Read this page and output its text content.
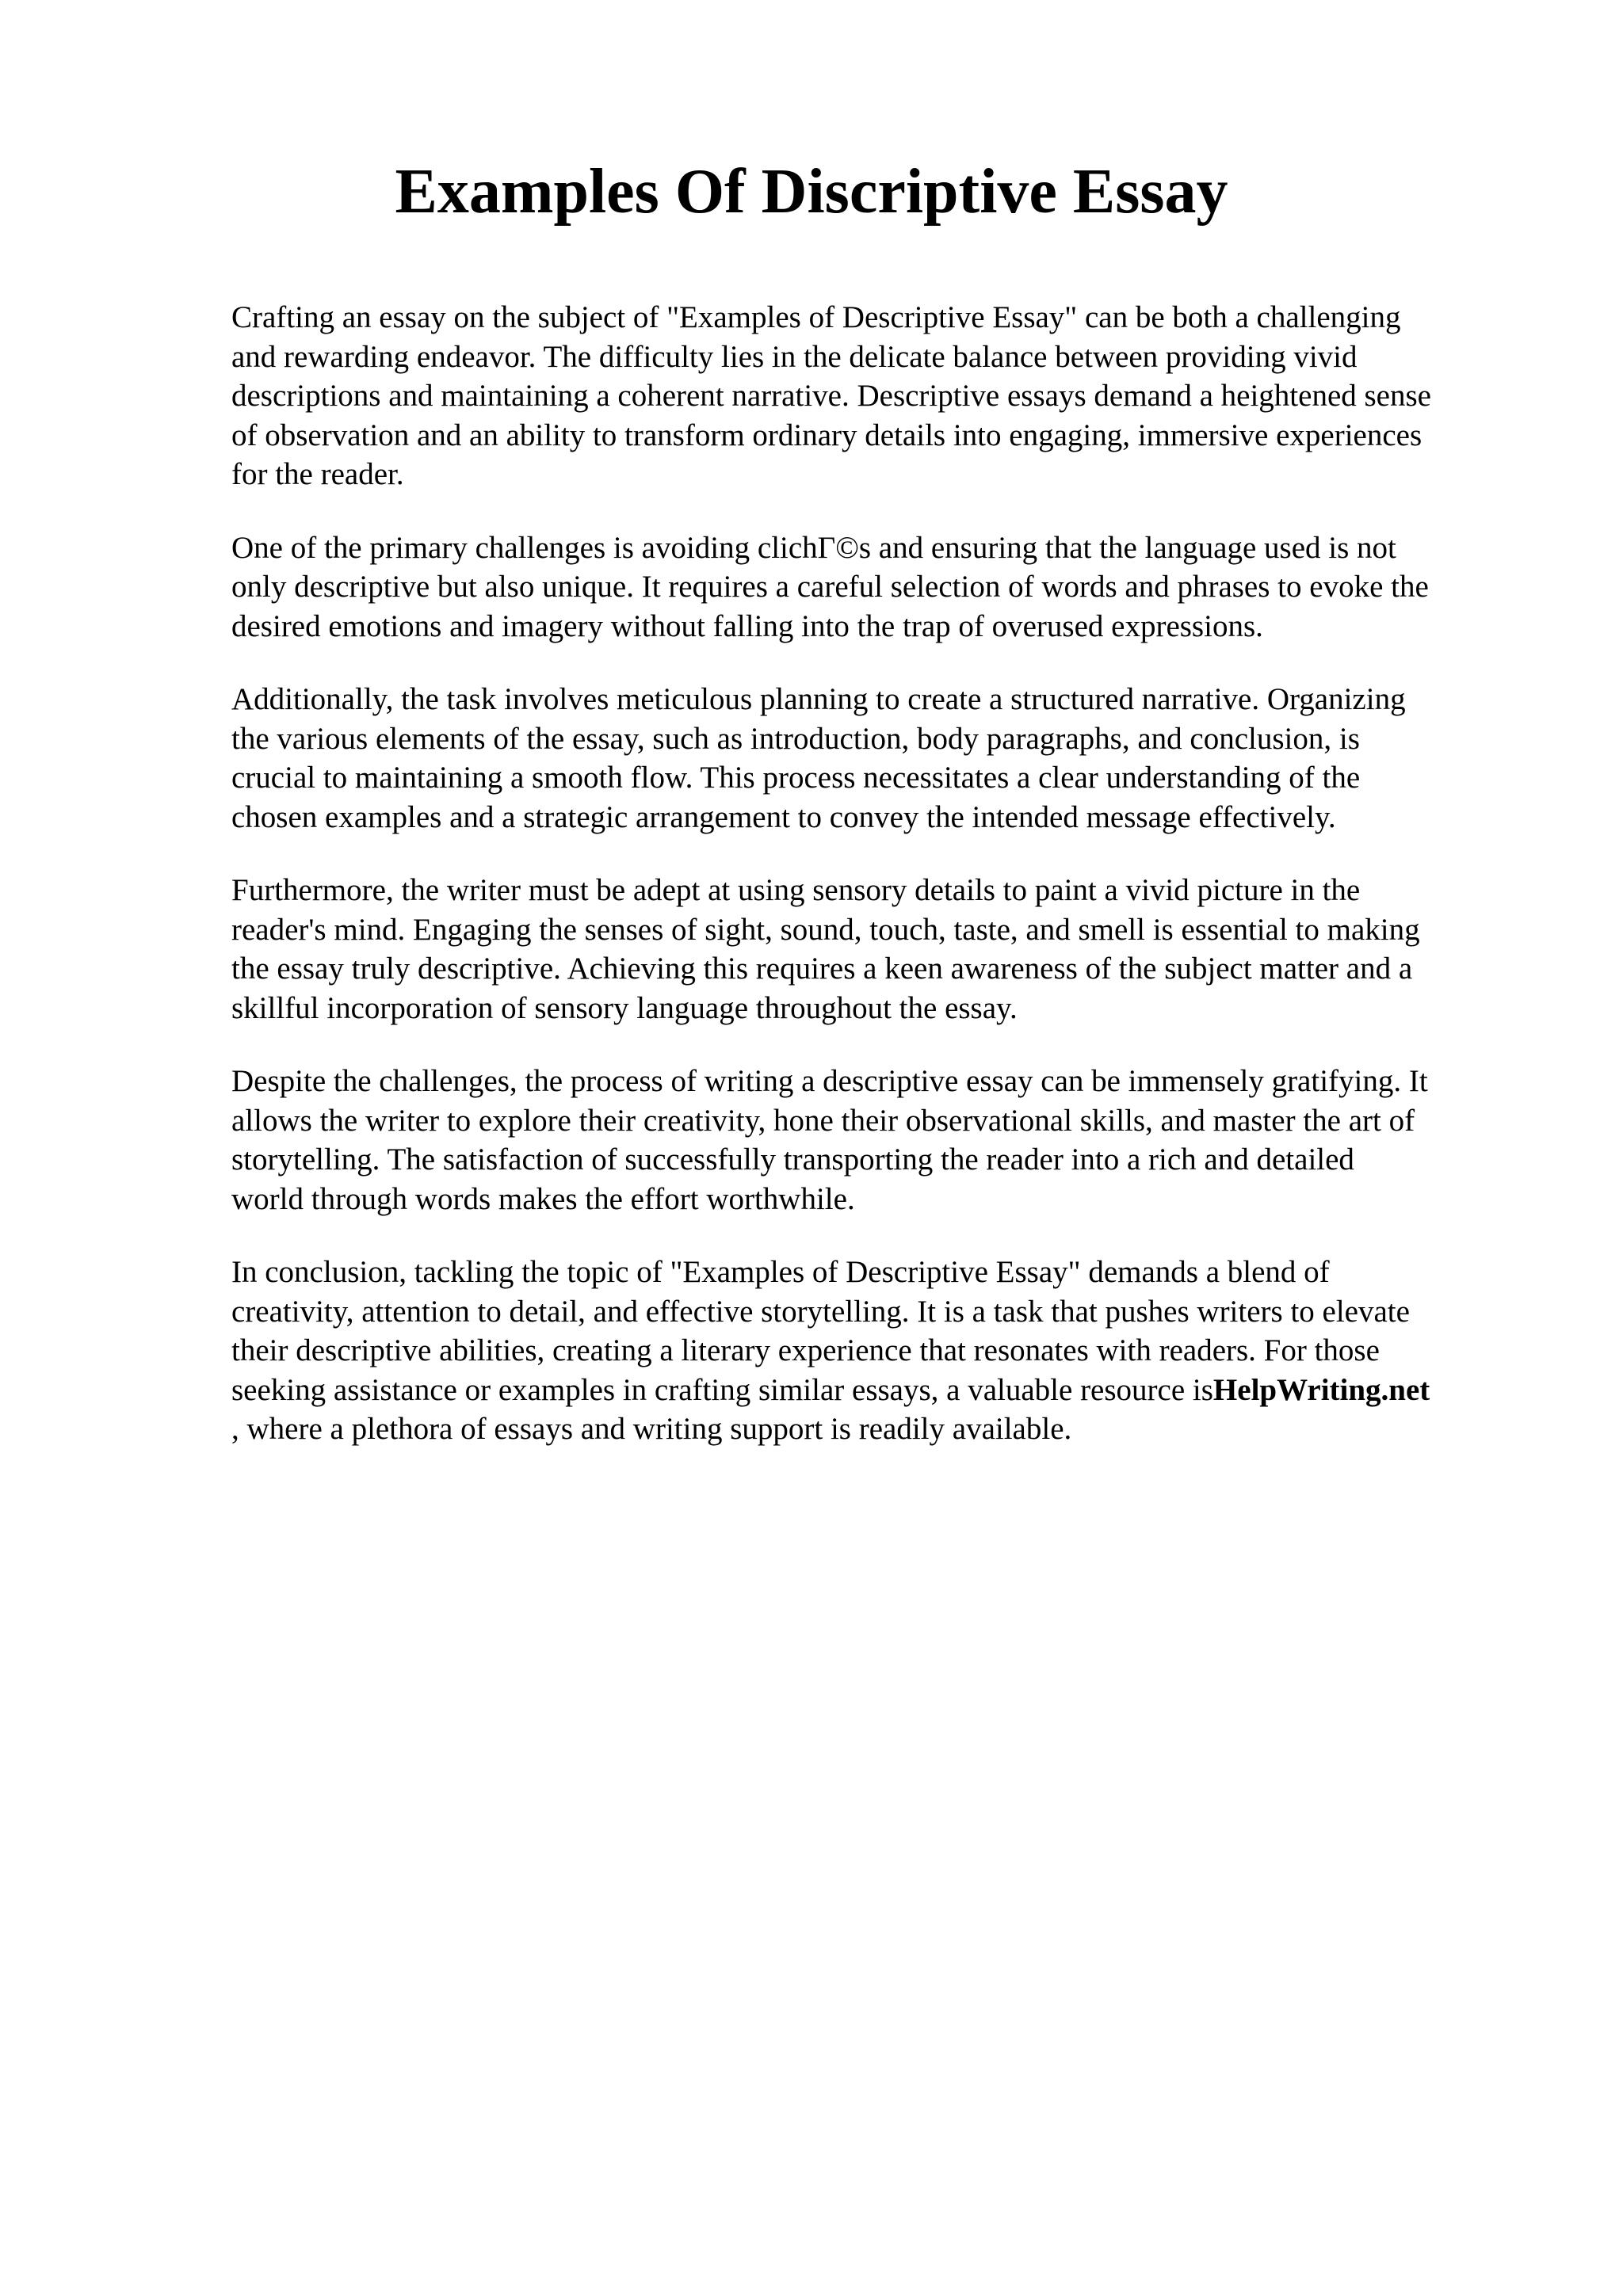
Examples Of Discriptive Essay

Crafting an essay on the subject of "Examples of Descriptive Essay" can be both a challenging
and rewarding endeavor. The difficulty lies in the delicate balance between providing vivid
descriptions and maintaining a coherent narrative. Descriptive essays demand a heightened sense
of observation and an ability to transform ordinary details into engaging, immersive experiences
for the reader.

One of the primary challenges is avoiding clichГ©s and ensuring that the language used is not
only descriptive but also unique. It requires a careful selection of words and phrases to evoke the
desired emotions and imagery without falling into the trap of overused expressions.

Additionally, the task involves meticulous planning to create a structured narrative. Organizing
the various elements of the essay, such as introduction, body paragraphs, and conclusion, is
crucial to maintaining a smooth flow. This process necessitates a clear understanding of the
chosen examples and a strategic arrangement to convey the intended message effectively.

Furthermore, the writer must be adept at using sensory details to paint a vivid picture in the
reader's mind. Engaging the senses of sight, sound, touch, taste, and smell is essential to making
the essay truly descriptive. Achieving this requires a keen awareness of the subject matter and a
skillful incorporation of sensory language throughout the essay.

Despite the challenges, the process of writing a descriptive essay can be immensely gratifying. It
allows the writer to explore their creativity, hone their observational skills, and master the art of
storytelling. The satisfaction of successfully transporting the reader into a rich and detailed
world through words makes the effort worthwhile.

In conclusion, tackling the topic of "Examples of Descriptive Essay" demands a blend of
creativity, attention to detail, and effective storytelling. It is a task that pushes writers to elevate
their descriptive abilities, creating a literary experience that resonates with readers. For those
seeking assistance or examples in crafting similar essays, a valuable resource isHelpWriting.net
, where a plethora of essays and writing support is readily available.
